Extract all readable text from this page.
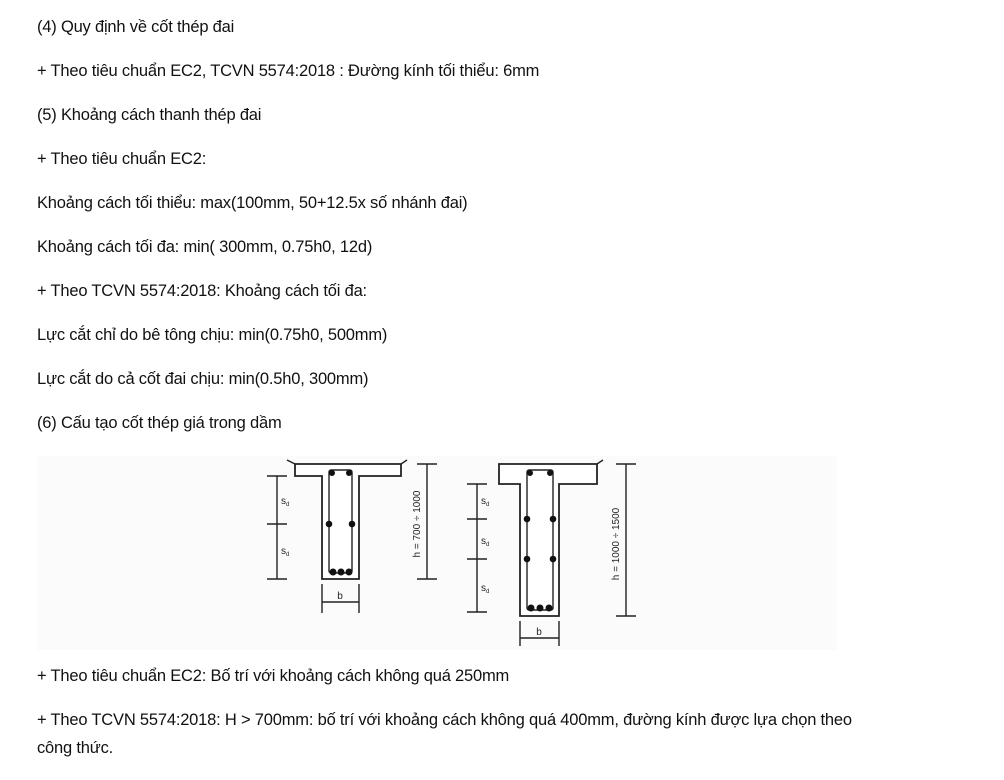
(4) Quy định về cốt thép đai
+ Theo tiêu chuẩn EC2, TCVN 5574:2018 : Đường kính tối thiểu: 6mm
(5) Khoảng cách thanh thép đai
+ Theo tiêu chuẩn EC2:
Khoảng cách tối thiểu: max(100mm, 50+12.5x số nhánh đai)
Khoảng cách tối đa: min( 300mm, 0.75h0, 12d)
+ Theo TCVN 5574:2018: Khoảng cách tối đa:
Lực cắt chỉ do bê tông chịu: min(0.75h0, 500mm)
Lực cắt do cả cốt đai chịu: min(0.5h0, 300mm)
(6) Cấu tạo cốt thép giá trong dầm
$s_d$
$s_d$
$s_d$
$s_d$
$s_d$
b
b
h = 700 ÷ 1000	h = 1000 ÷ 1500
+ Theo tiêu chuẩn EC2: Bố trí với khoảng cách không quá 250mm
+ Theo TCVN 5574:2018: H > 700mm: bố trí với khoảng cách không quá 400mm, đường kính được lựa chọn theo công thức.
